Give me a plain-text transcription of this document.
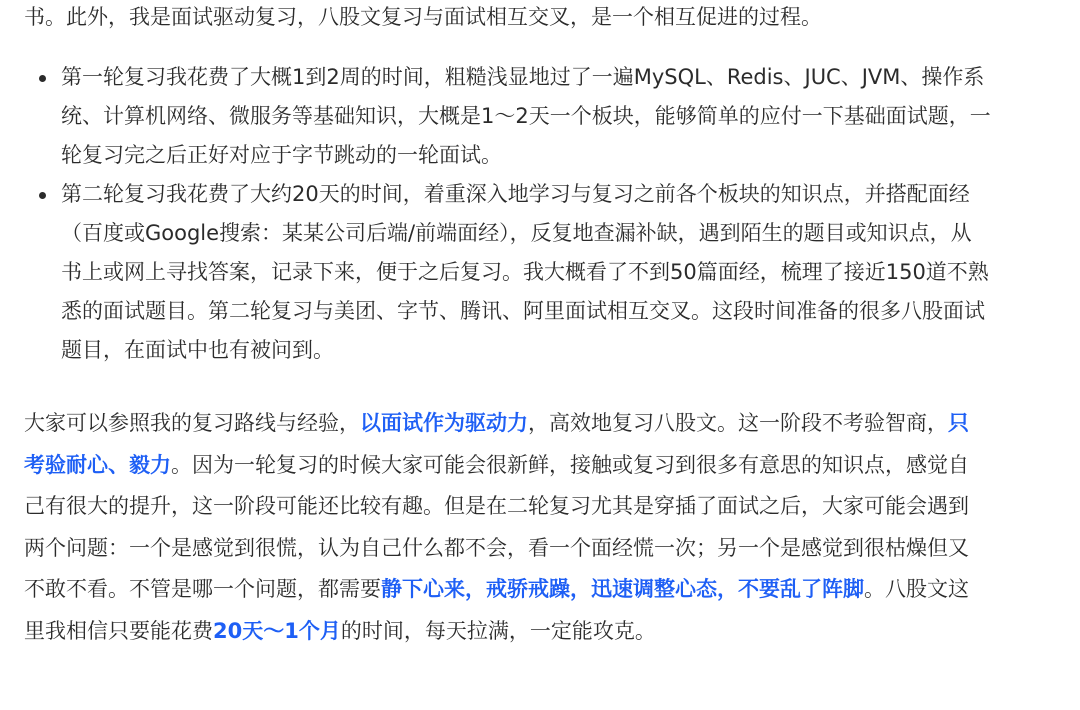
书。此外，我是面试驱动复习，八股文复习与面试相互交叉，是一个相互促进的过程。

第一轮复习我花费了大概1到2周的时间，粗糙浅显地过了一遍MySQL、Redis、JUC、JVM、操作系统、计算机网络、微服务等基础知识，大概是1～2天一个板块，能够简单的应付一下基础面试题，一轮复习完之后正好对应于字节跳动的一轮面试。
第二轮复习我花费了大约20天的时间，着重深入地学习与复习之前各个板块的知识点，并搭配面经（百度或Google搜索：某某公司后端/前端面经），反复地查漏补缺，遇到陌生的题目或知识点，从书上或网上寻找答案，记录下来，便于之后复习。我大概看了不到50篇面经，梳理了接近150道不熟悉的面试题目。第二轮复习与美团、字节、腾讯、阿里面试相互交叉。这段时间准备的很多八股面试题目，在面试中也有被问到。

大家可以参照我的复习路线与经验，以面试作为驱动力，高效地复习八股文。这一阶段不考验智商，只考验耐心、毅力。因为一轮复习的时候大家可能会很新鲜，接触或复习到很多有意思的知识点，感觉自己有很大的提升，这一阶段可能还比较有趣。但是在二轮复习尤其是穿插了面试之后，大家可能会遇到两个问题：一个是感觉到很慌，认为自己什么都不会，看一个面经慌一次；另一个是感觉到很枯燥但又不敢不看。不管是哪一个问题，都需要静下心来，戒骄戒躁，迅速调整心态，不要乱了阵脚。八股文这里我相信只要能花费20天～1个月的时间，每天拉满，一定能攻克。
